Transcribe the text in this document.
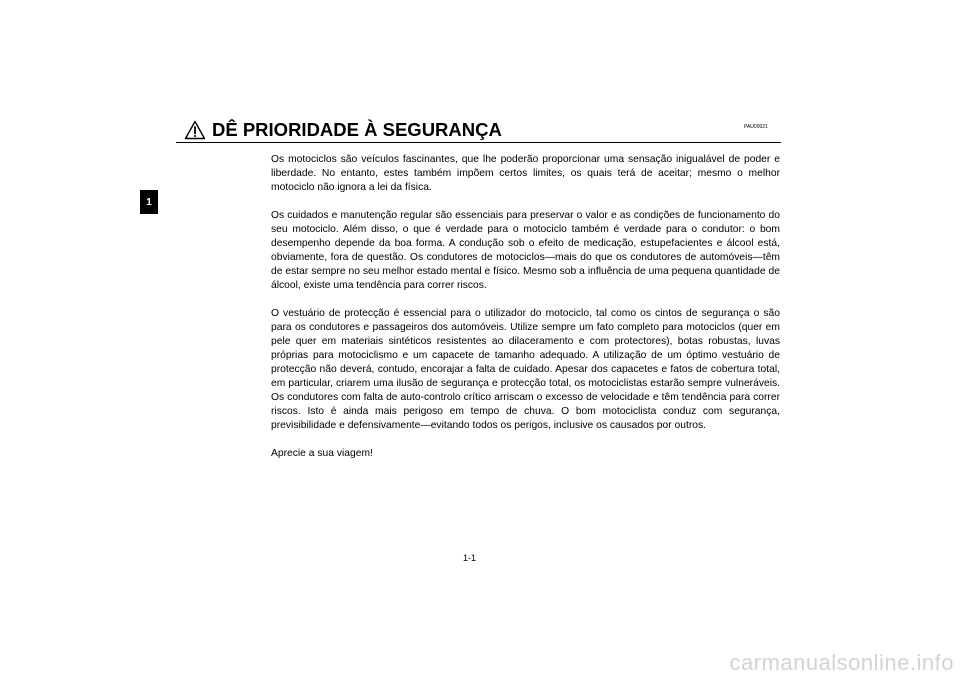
1
DÊ PRIORIDADE À SEGURANÇA	PAU00021

Os motociclos são veículos fascinantes, que lhe poderão proporcionar uma sensação inigualável de poder e liberdade. No entanto, estes também impõem certos limites, os quais terá de aceitar; mesmo o melhor motociclo não ignora a lei da física.

Os cuidados e manutenção regular são essenciais para preservar o valor e as condições de funcionamento do seu motociclo. Além disso, o que é verdade para o motociclo também é verdade para o condutor: o bom desempenho depende da boa forma. A condução sob o efeito de medicação, estupefacientes e álcool está, obviamente, fora de questão. Os condutores de motociclos—mais do que os condutores de automóveis—têm de estar sempre no seu melhor estado mental e físico. Mesmo sob a influência de uma pequena quantidade de álcool, existe uma tendência para correr riscos.

O vestuário de protecção é essencial para o utilizador do motociclo, tal como os cintos de segurança o são para os condutores e passageiros dos automóveis. Utilize sempre um fato completo para motociclos (quer em pele quer em materiais sintéticos resistentes ao dilaceramento e com protectores), botas robustas, luvas próprias para motociclismo e um capacete de tamanho adequado. A utilização de um óptimo vestuário de protecção não deverá, contudo, encorajar a falta de cuidado. Apesar dos capacetes e fatos de cobertura total, em particular, criarem uma ilusão de segurança e protecção total, os motociclistas estarão sempre vulneráveis. Os condutores com falta de auto-controlo crítico arriscam o excesso de velocidade e têm tendência para correr riscos. Isto é ainda mais perigoso em tempo de chuva. O bom motociclista conduz com segurança, previsibilidade e defensivamente—evitando todos os perigos, inclusive os causados por outros.

Aprecie a sua viagem!

1-1
carmanualsonline.info
